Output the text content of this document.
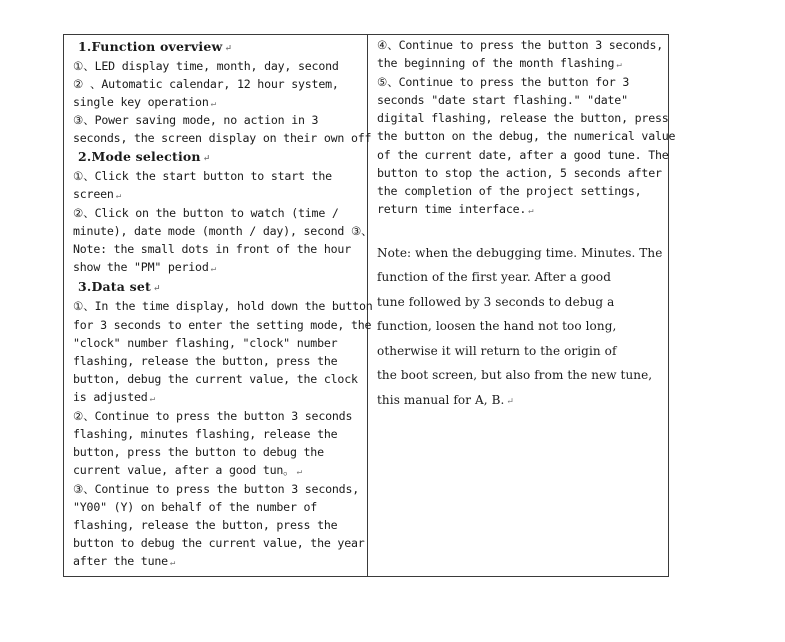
1.Function overview ↵
①、LED display time, month, day, second
② 、Automatic calendar, 12 hour system,
single key operation ↵
③、Power saving mode, no action in 3
seconds, the screen display on their own off
2.Mode selection ↵
①、Click the start button to start the
screen ↵
②、Click on the button to watch (time /
minute), date mode (month / day), second ③、
Note: the small dots in front of the hour
show the "PM" period ↵
3.Data set ↵
①、In the time display, hold down the button
for 3 seconds to enter the setting mode, the
"clock" number flashing, "clock" number
flashing, release the button, press the
button, debug the current value, the clock
is adjusted ↵
②、Continue to press the button 3 seconds
flashing, minutes flashing, release the
button, press the button to debug the
current value, after a good tun。 ↵
③、Continue to press the button 3 seconds,
"Y00" (Y) on behalf of the number of
flashing, release the button, press the
button to debug the current value, the year
after the tune ↵
④、Continue to press the button 3 seconds,
the beginning of the month flashing ↵
⑤、Continue to press the button for 3
seconds "date start flashing." "date"
digital flashing, release the button, press
the button on the debug, the numerical value
of the current date, after a good tune. The
button to stop the action, 5 seconds after
the completion of the project settings,
return time interface. ↵
Note: when the debugging time. Minutes. The
function of the first year. After a good
tune followed by 3 seconds to debug a
function, loosen the hand not too long,
otherwise it will return to the origin of
the boot screen, but also from the new tune,
this manual for A, B. ↵
